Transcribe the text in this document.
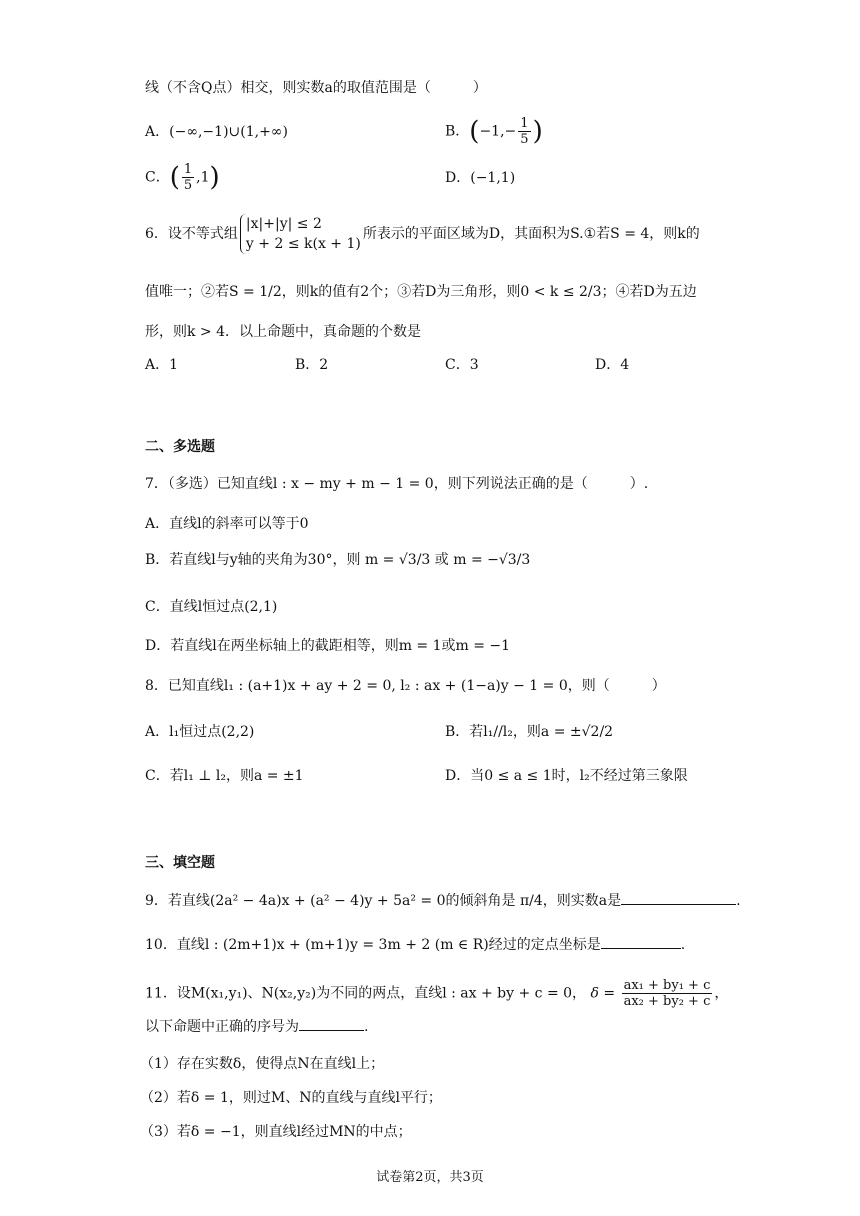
线（不含Q点）相交，则实数a的取值范围是（　　　）
A．(−∞,−1)∪(1,+∞)	B．($-1,- \frac{1}{5}$ )
C．( $\frac{1}{5} ,1$)	D．(−1,1)
6．设不等式组
|x|+|y| ≤ 2
y + 2 ≤ k(x + 1)
所表示的平面区域为D，其面积为S.①若S = 4，则k的
值唯一；②若S = 1/2，则k的值有2个；③若D为三角形，则0 < k ≤ 2/3；④若D为五边
形，则k > 4．以上命题中，真命题的个数是
A．1	B．2	C．3	D．4
二、多选题
7．（多选）已知直线l : x − my + m − 1 = 0，则下列说法正确的是（　　　）.
A．直线l的斜率可以等于0
B．若直线l与y轴的夹角为30°，则 m = √3/3 或 m = −√3/3
C．直线l恒过点(2,1)
D．若直线l在两坐标轴上的截距相等，则m = 1或m = −1
8．已知直线l₁ : (a+1)x + ay + 2 = 0, l₂ : ax + (1−a)y − 1 = 0，则（　　　）
A．l₁恒过点(2,2)	B．若l₁//l₂，则a = ±√2/2
C．若l₁ ⊥ l₂，则a = ±1	D．当0 ≤ a ≤ 1时，l₂不经过第三象限
三、填空题
9．若直线(2a² − 4a)x + (a² − 4)y + 5a² = 0的倾斜角是 π/4，则实数a是	.
10．直线l : (2m+1)x + (m+1)y = 3m + 2 (m ∈ R)经过的定点坐标是	.
11．设M(x₁,y₁)、N(x₂,y₂)为不同的两点，直线l : ax + by + c = 0， $\delta = \frac{\text{ax₁ + by₁ + c}}{\text{ax₂ + by₂ + c}}$ ，
以下命题中正确的序号为	.
（1）存在实数δ，使得点N在直线l上；
（2）若δ = 1，则过M、N的直线与直线l平行；
（3）若δ = −1，则直线l经过MN的中点；
试卷第2页，共3页
